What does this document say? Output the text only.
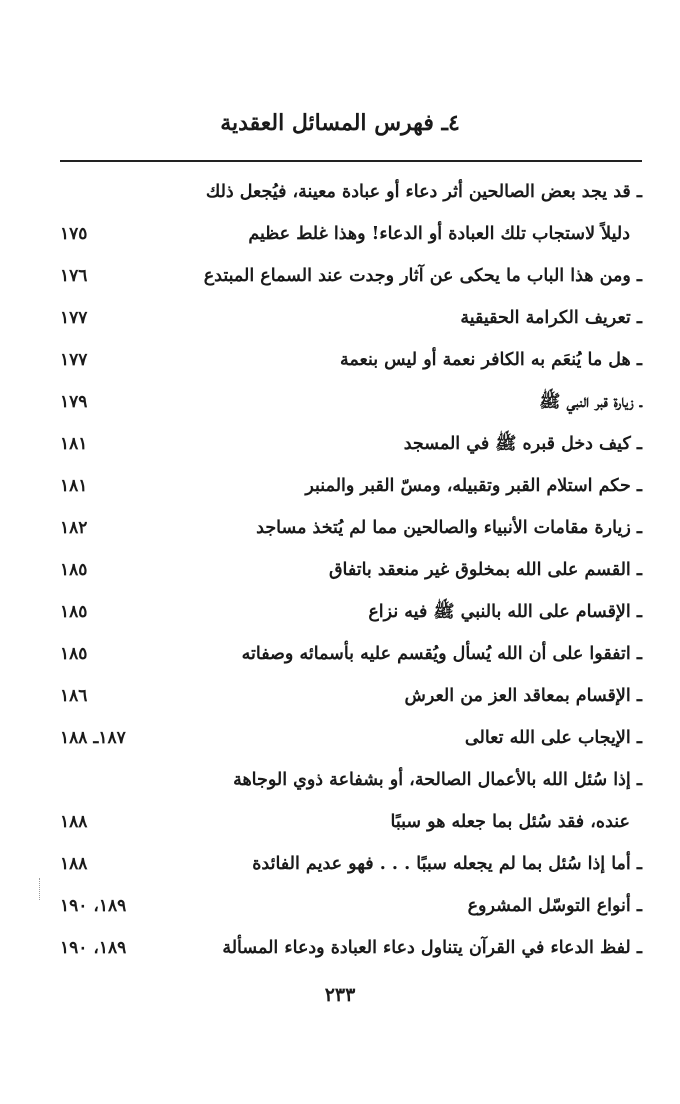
٤ـ فهرس المسائل العقدية
ـ قد يجد بعض الصالحين أثر دعاء أو عبادة معينة، فيُجعل ذلك
دليلاً لاستجاب تلك العبادة أو الدعاء! وهذا غلط عظيم
١٧٥
ـ ومن هذا الباب ما يحكى عن آثار وجدت عند السماع المبتدع
١٧٦
ـ تعريف الكرامة الحقيقية
١٧٧
ـ هل ما يُنعَم به الكافر نعمة أو ليس بنعمة
١٧٧
ـ زيارة قبر النبي ﷺ
١٧٩
ـ كيف دخل قبره ﷺ في المسجد
١٨١
ـ حكم استلام القبر وتقبيله، ومسّ القبر والمنبر
١٨١
ـ زيارة مقامات الأنبياء والصالحين مما لم يُتخذ مساجد
١٨٢
ـ القسم على الله بمخلوق غير منعقد باتفاق
١٨٥
ـ الإقسام على الله بالنبي ﷺ فيه نزاع
١٨٥
ـ اتفقوا على أن الله يُسأل ويُقسم عليه بأسمائه وصفاته
١٨٥
ـ الإقسام بمعاقد العز من العرش
١٨٦
ـ الإيجاب على الله تعالى
١٨٧ـ ١٨٨
ـ إذا سُئل الله بالأعمال الصالحة، أو بشفاعة ذوي الوجاهة
عنده، فقد سُئل بما جعله هو سببًا
١٨٨
ـ أما إذا سُئل بما لم يجعله سببًا . . . فهو عديم الفائدة
١٨٨
ـ أنواع التوسّل المشروع
١٨٩، ١٩٠
ـ لفظ الدعاء في القرآن يتناول دعاء العبادة ودعاء المسألة
١٨٩، ١٩٠
٢٣٣
